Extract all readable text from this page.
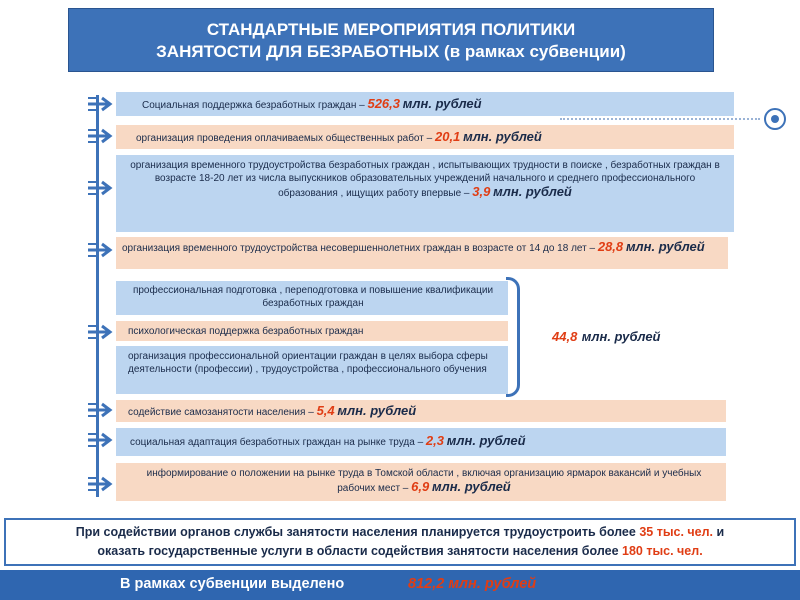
СТАНДАРТНЫЕ МЕРОПРИЯТИЯ ПОЛИТИКИ
ЗАНЯТОСТИ ДЛЯ БЕЗРАБОТНЫХ (в рамках субвенции)
Социальная поддержка безработных граждан – 526,3 млн. рублей
организация проведения оплачиваемых общественных работ – 20,1 млн. рублей
организация временного трудоустройства безработных граждан , испытывающих трудности в поиске , безработных граждан в возрасте 18-20 лет из числа выпускников образовательных учреждений начального и среднего профессионального образования , ищущих работу впервые – 3,9 млн. рублей
организация временного трудоустройства несовершеннолетних граждан в возрасте от 14 до 18 лет – 28,8 млн. рублей
профессиональная подготовка , переподготовка и повышение квалификации безработных граждан
психологическая поддержка безработных граждан
организация профессиональной ориентации граждан в целях выбора сферы деятельности (профессии) , трудоустройства , профессионального обучения
44,8 млн. рублей
содействие самозанятости населения – 5,4 млн. рублей
социальная адаптация безработных граждан на рынке труда – 2,3 млн. рублей
информирование о положении на рынке труда в Томской области , включая организацию ярмарок вакансий и учебных рабочих мест – 6,9 млн. рублей
При содействии органов службы занятости населения планируется трудоустроить более 35 тыс. чел. и
оказать государственные услуги в области содействия занятости населения более 180 тыс. чел.
В рамках субвенции выделено	812,2 млн. рублей
